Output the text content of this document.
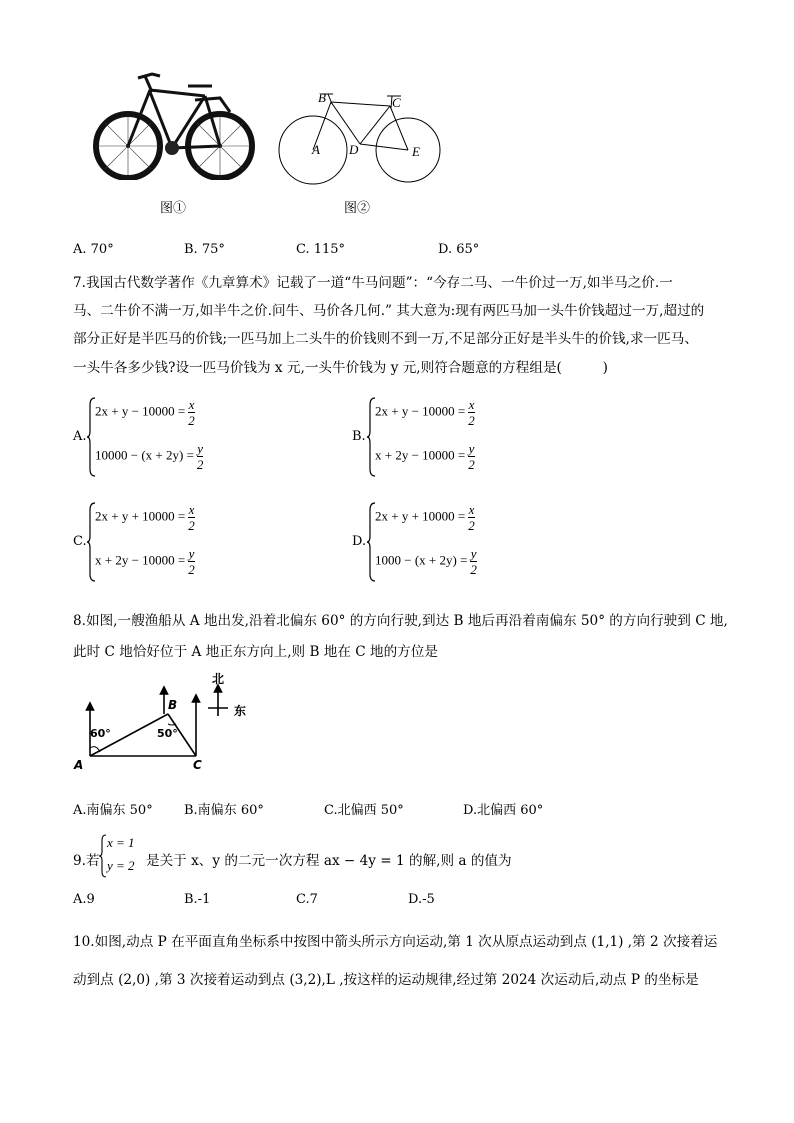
图①
A
B	C
D	E
图②
A. 70°	B. 75°	C. 115°	D. 65°
7.我国古代数学著作《九章算术》记载了一道“牛马问题”：“今存二马、一牛价过一万,如半马之价.一
马、二牛价不满一万,如半牛之价.问牛、马价各几何.” 其大意为:现有两匹马加一头牛价钱超过一万,超过的
部分正好是半匹马的价钱;一匹马加上二头牛的价钱则不到一万,不足部分正好是半头牛的价钱,求一匹马、
一头牛各多少钱?设一匹马价钱为 x 元,一头牛价钱为 y 元,则符合题意的方程组是(　　　)
A.
$2x + y - 10000 = \frac{x}{2}$
$10000 - (x + 2y) = \frac{y}{2}$
B.
$2x + y - 10000 = \frac{x}{2}$
$x + 2y - 10000 = \frac{y}{2}$
C.
$2x + y + 10000 = \frac{x}{2}$
$x + 2y - 10000 = \frac{y}{2}$
D.
$2x + y + 10000 = \frac{x}{2}$
$1000 - (x + 2y) = \frac{y}{2}$
8.如图,一艘渔船从 A 地出发,沿着北偏东 60° 的方向行驶,到达 B 地后再沿着南偏东 50° 的方向行驶到 C 地,
此时 C 地恰好位于 A 地正东方向上,则 B 地在 C 地的方位是
北
东
60°	50°
A
B
C
A.南偏东 50° B.南偏东 60°	C.北偏西 50°	D.北偏西 60°
9.若
x = 1
y = 2 是关于 x、y 的二元一次方程 ax − 4y = 1 的解,则 a 的值为
A.9	B.-1	C.7	D.-5
10.如图,动点 P 在平面直角坐标系中按图中箭头所示方向运动,第 1 次从原点运动到点 (1,1) ,第 2 次接着运
动到点 (2,0) ,第 3 次接着运动到点 (3,2),L ,按这样的运动规律,经过第 2024 次运动后,动点 P 的坐标是
